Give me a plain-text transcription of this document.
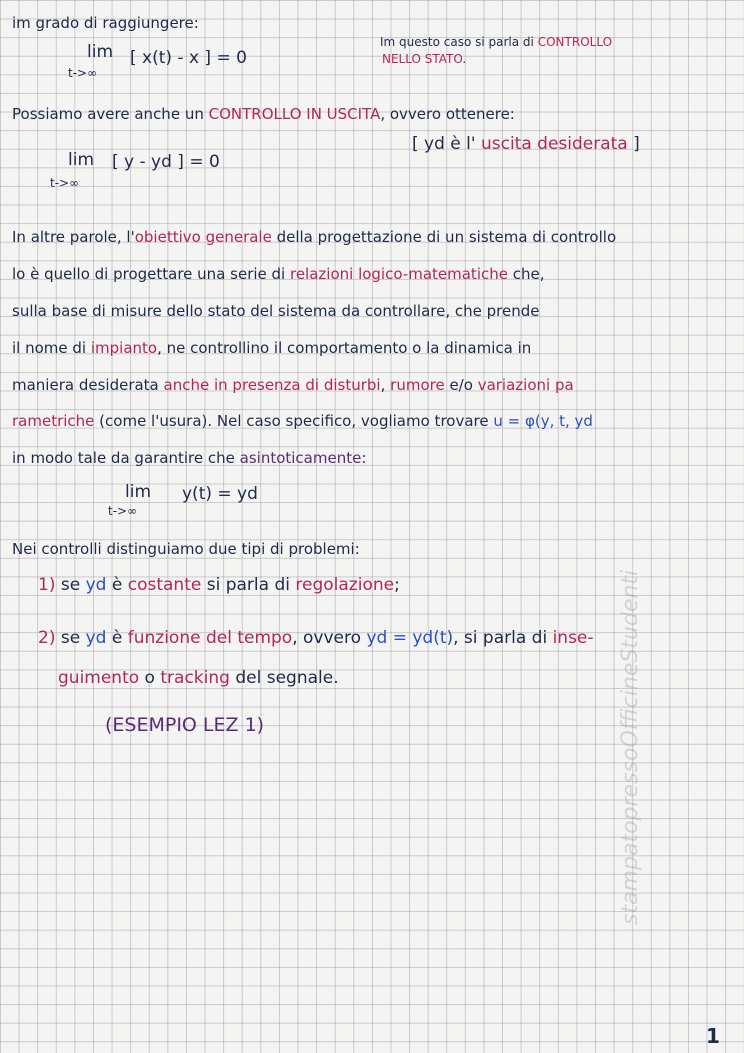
im grado di raggiungere:
lim
t->∞
[ x(t) - x ] = 0
Im questo caso si parla di CONTROLLO
NELLO STATO.
Possiamo avere anche un CONTROLLO IN USCITA, ovvero ottenere:
lim
t->∞
[ y - yd ] = 0
[ yd è l' uscita desiderata ]
In altre parole, l'obiettivo generale della progettazione di un sistema di controllo
lo è quello di progettare una serie di relazioni logico-matematiche che,
sulla base di misure dello stato del sistema da controllare, che prende
il nome di impianto, ne controllino il comportamento o la dinamica in
maniera desiderata anche in presenza di disturbi, rumore e/o variazioni pa
rametriche (come l'usura). Nel caso specifico, vogliamo trovare u = φ(y, t, yd
in modo tale da garantire che asintoticamente:
lim
t->∞
y(t) = yd
Nei controlli distinguiamo due tipi di problemi:
1) se yd è costante si parla di regolazione;
2) se yd è funzione del tempo, ovvero yd = yd(t), si parla di inse-
guimento o tracking del segnale.
(ESEMPIO LEZ 1)	stampatopressoOfficineStudenti
1
